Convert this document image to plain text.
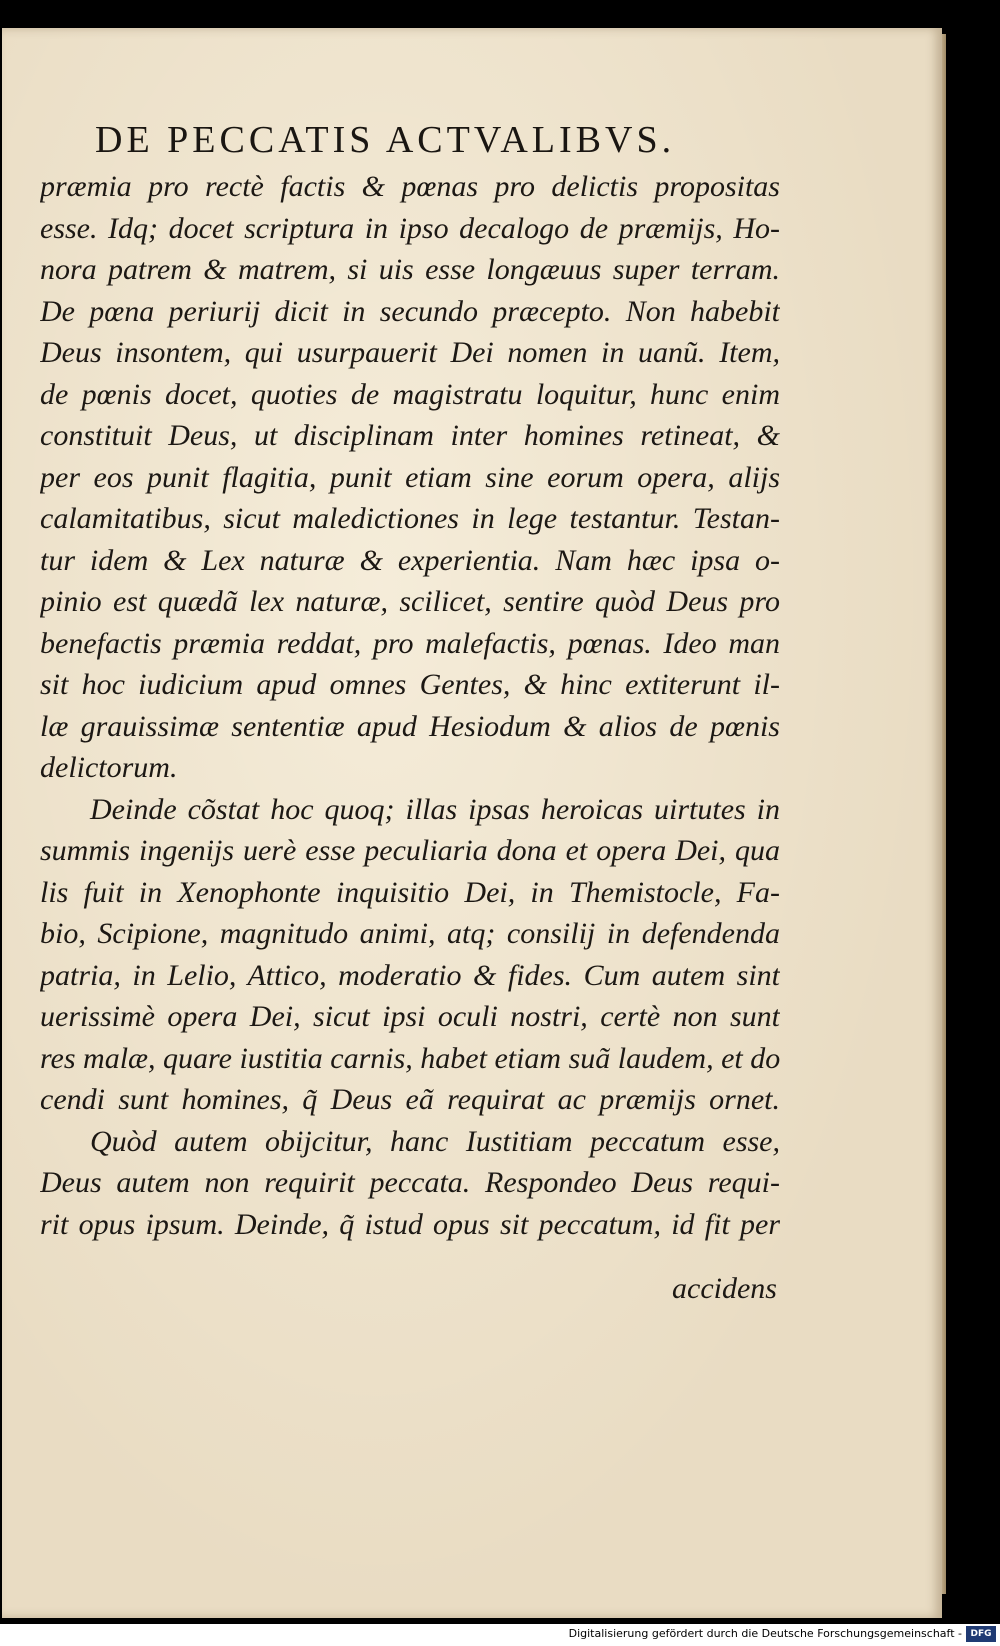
DE PECCATIS ACTVALIBVS.
præmia pro rectè factis & pœnas pro delictis propositas
esse. Idq; docet scriptura in ipso decalogo de præmijs, Ho-
nora patrem & matrem, si uis esse longæuus super terram.
De pœna periurij dicit in secundo præcepto. Non habebit
Deus insontem, qui usurpauerit Dei nomen in uanũ. Item,
de pœnis docet, quoties de magistratu loquitur, hunc enim
constituit Deus, ut disciplinam inter homines retineat, &
per eos punit flagitia, punit etiam sine eorum opera, alijs
calamitatibus, sicut maledictiones in lege testantur. Testan-
tur idem & Lex naturæ & experientia. Nam hæc ipsa o-
pinio est quædã lex naturæ, scilicet, sentire quòd Deus pro
benefactis præmia reddat, pro malefactis, pœnas. Ideo man
sit hoc iudicium apud omnes Gentes, & hinc extiterunt il-
læ grauissimæ sententiæ apud Hesiodum & alios de pœnis
delictorum.
Deinde cõstat hoc quoq; illas ipsas heroicas uirtutes in
summis ingenijs uerè esse peculiaria dona et opera Dei, qua
lis fuit in Xenophonte inquisitio Dei, in Themistocle, Fa-
bio, Scipione, magnitudo animi, atq; consilij in defendenda
patria, in Lelio, Attico, moderatio & fides. Cum autem sint
uerissimè opera Dei, sicut ipsi oculi nostri, certè non sunt
res malæ, quare iustitia carnis, habet etiam suã laudem, et do
cendi sunt homines, q̃ Deus eã requirat ac præmijs ornet.
Quòd autem obijcitur, hanc Iustitiam peccatum esse,
Deus autem non requirit peccata. Respondeo Deus requi-
rit opus ipsum. Deinde, q̃ istud opus sit peccatum, id fit per
accidens
Digitalisierung gefördert durch die Deutsche Forschungsgemeinschaft - DFG
